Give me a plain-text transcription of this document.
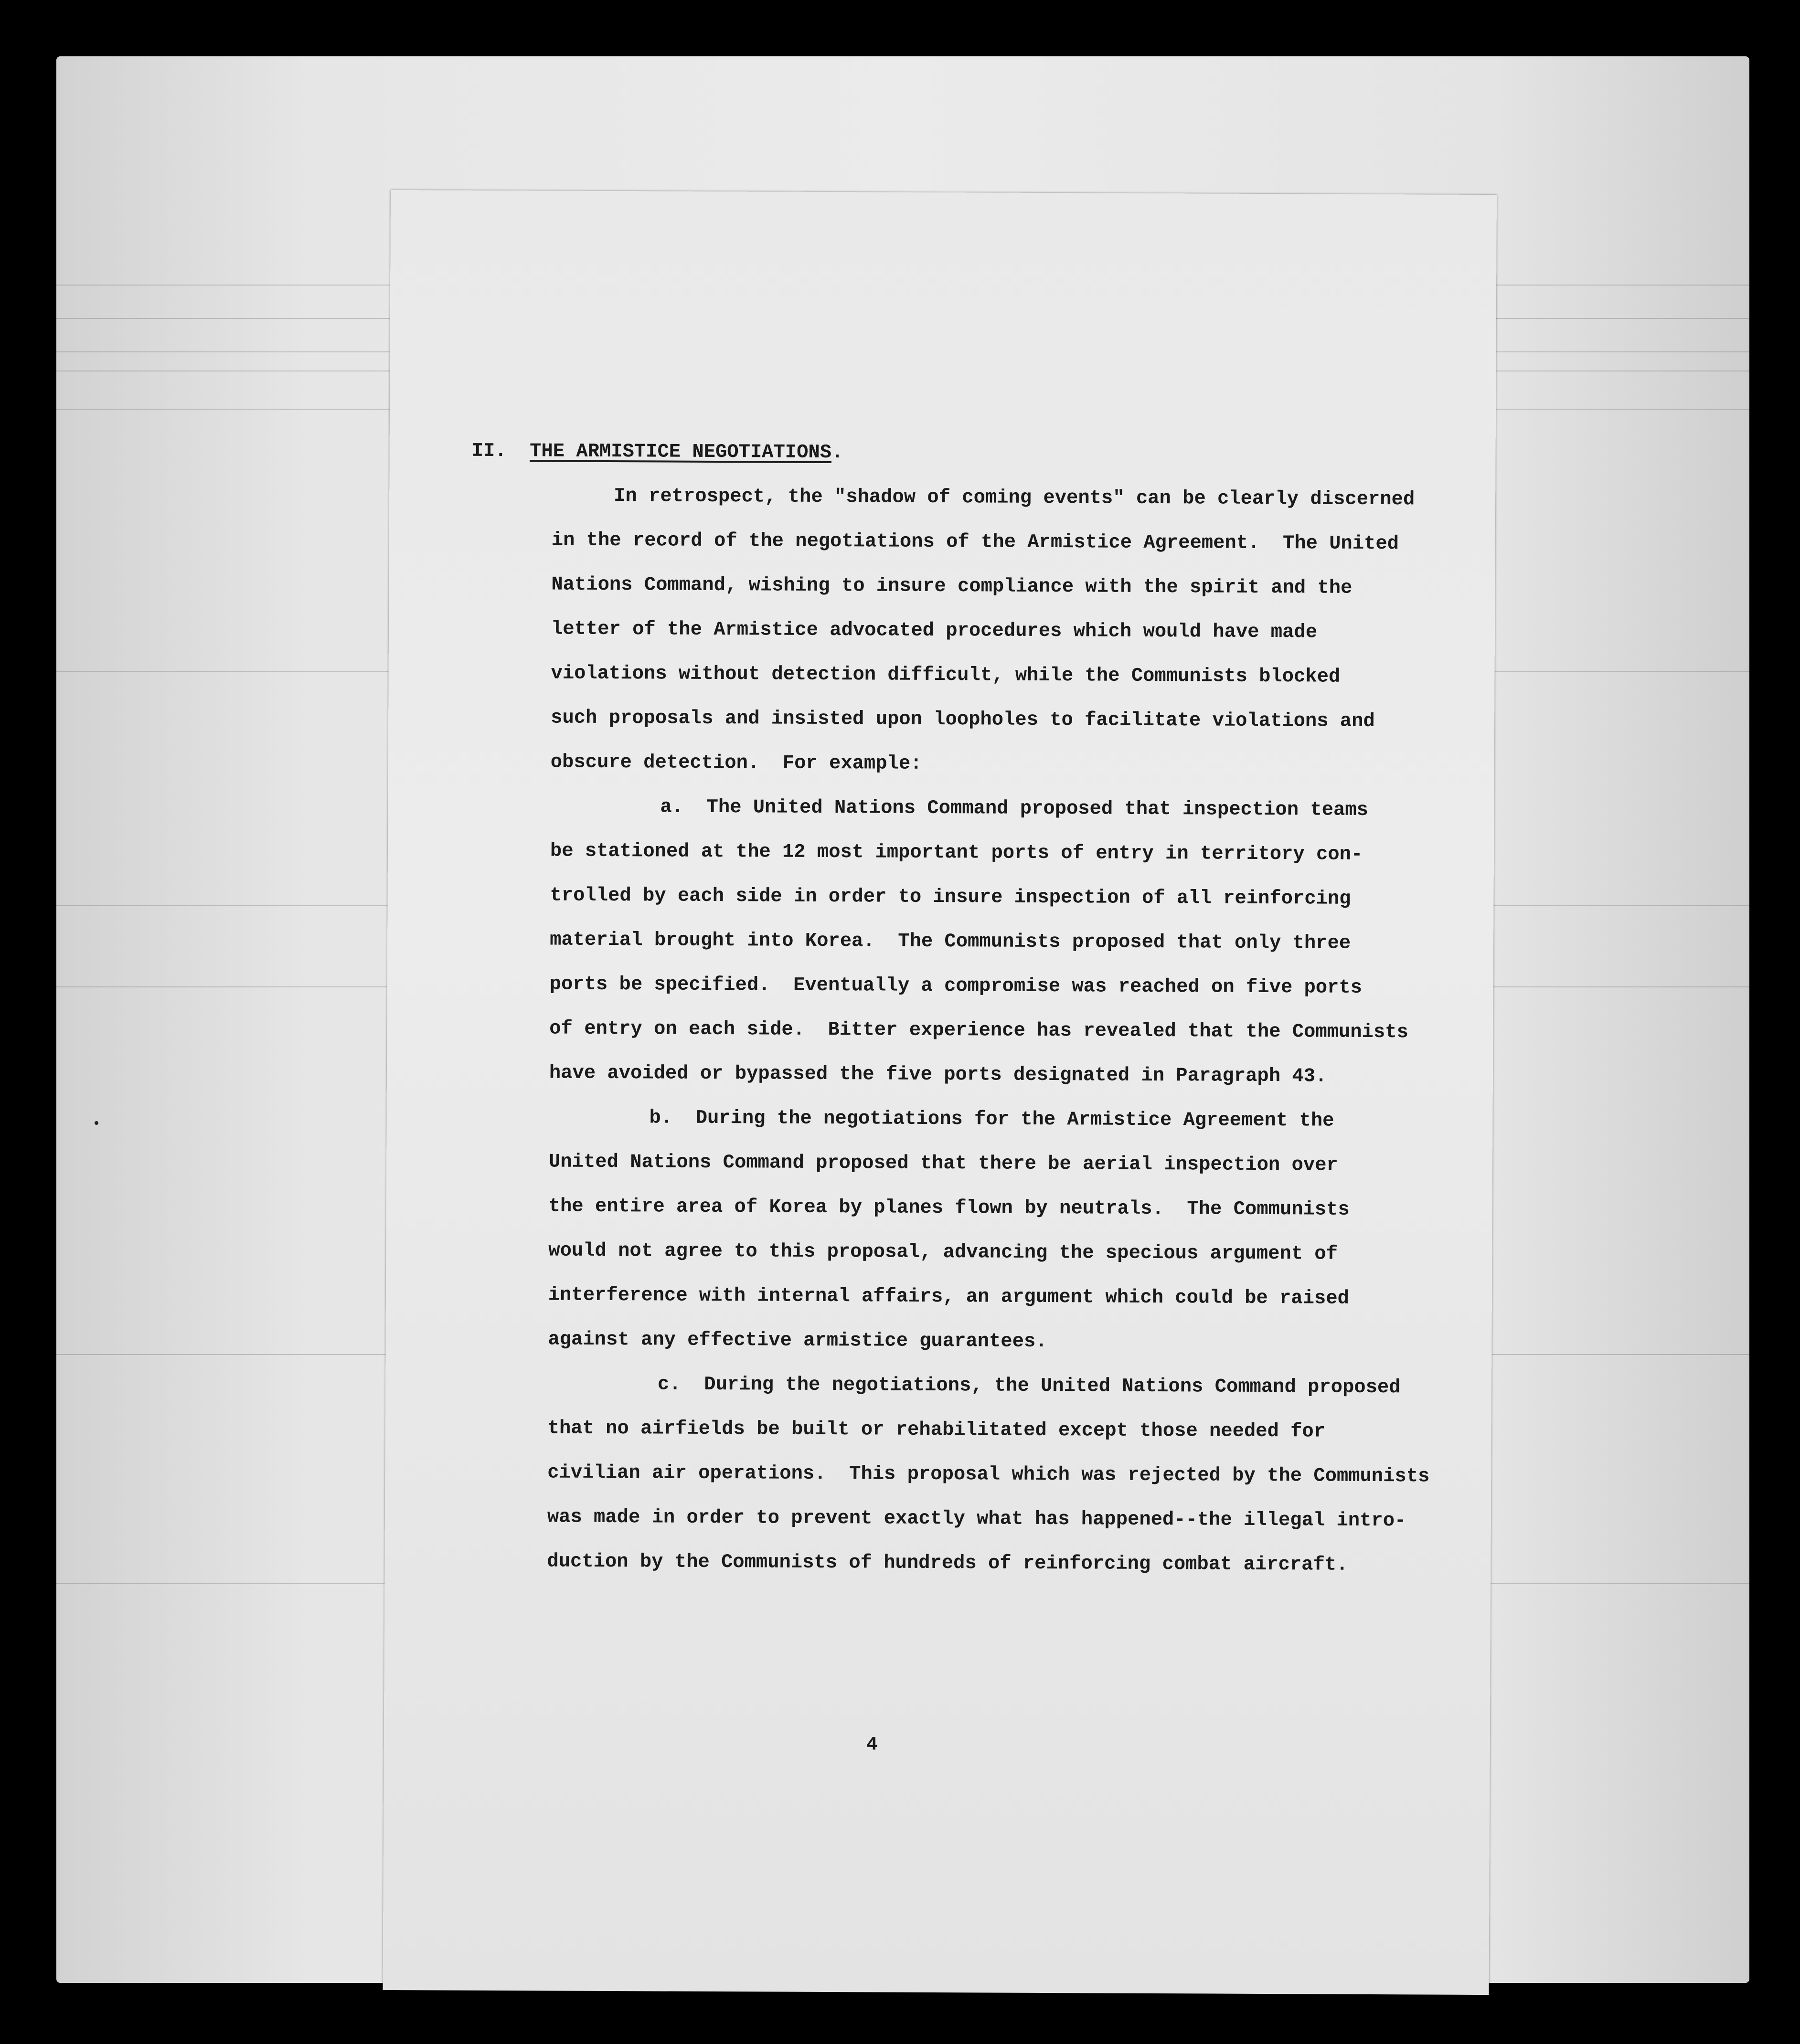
II. THE ARMISTICE NEGOTIATIONS.

In retrospect, the "shadow of coming events" can be clearly discerned

in the record of the negotiations of the Armistice Agreement.  The United

Nations Command, wishing to insure compliance with the spirit and the

letter of the Armistice advocated procedures which would have made

violations without detection difficult, while the Communists blocked

such proposals and insisted upon loopholes to facilitate violations and

obscure detection.  For example:

a.  The United Nations Command proposed that inspection teams

be stationed at the 12 most important ports of entry in territory con-

trolled by each side in order to insure inspection of all reinforcing

material brought into Korea.  The Communists proposed that only three

ports be specified.  Eventually a compromise was reached on five ports

of entry on each side.  Bitter experience has revealed that the Communists

have avoided or bypassed the five ports designated in Paragraph 43.

b.  During the negotiations for the Armistice Agreement the

United Nations Command proposed that there be aerial inspection over

the entire area of Korea by planes flown by neutrals.  The Communists

would not agree to this proposal, advancing the specious argument of

interference with internal affairs, an argument which could be raised

against any effective armistice guarantees.

c.  During the negotiations, the United Nations Command proposed

that no airfields be built or rehabilitated except those needed for

civilian air operations.  This proposal which was rejected by the Communists

was made in order to prevent exactly what has happened--the illegal intro-

duction by the Communists of hundreds of reinforcing combat aircraft.

4
